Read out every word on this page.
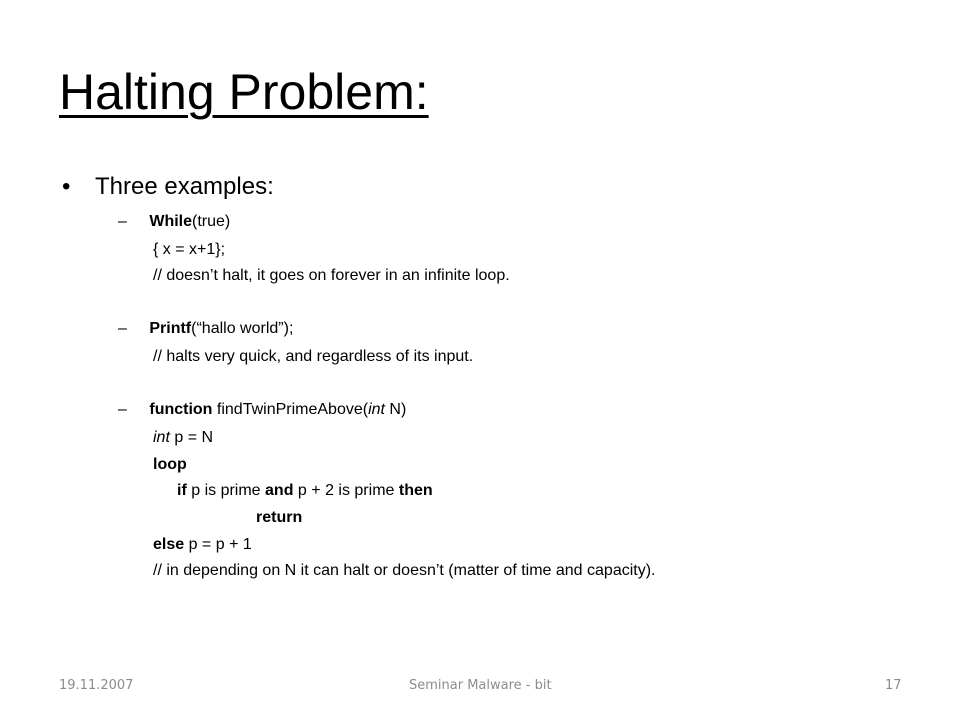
Halting Problem:
• Three examples:
– While(true)
{ x = x+1};
// doesn’t halt, it goes on forever in an infinite loop.
– Printf(“hallo world”);
// halts very quick, and regardless of its input.
– function findTwinPrimeAbove(int N)
int p = N
loop
if p is prime and p + 2 is prime then
return
else p = p + 1
// in depending on N it can halt or doesn’t (matter of time and capacity).
19.11.2007	Seminar Malware - bit	17
